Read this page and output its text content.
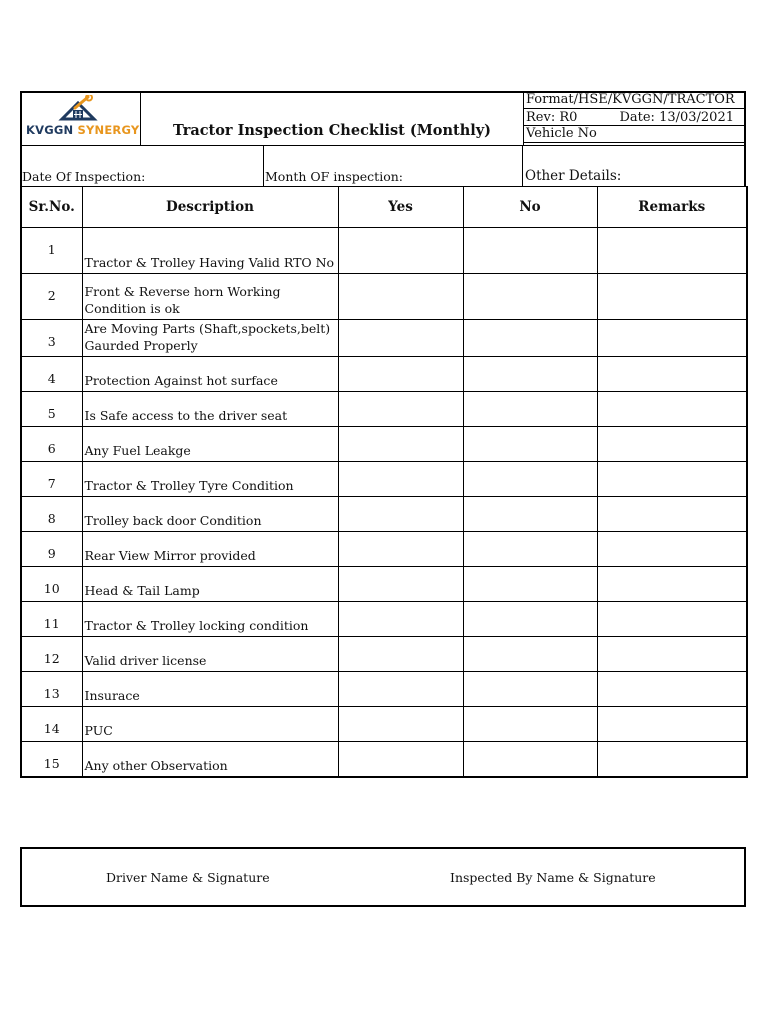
KVGGN SYNERGY	Tractor Inspection Checklist (Monthly)
Format/HSE/KVGGN/TRACTOR
Rev: R0	Date: 13/03/2021
Vehicle No
Date Of Inspection:	Month OF inspection:	Other Details:
Sr.No.	Description	Yes	No	Remarks
1	Tractor & Trolley Having Valid RTO No			
2	Front & Reverse horn Working Condition is ok			
3	Are Moving Parts (Shaft,spockets,belt) Gaurded Properly			
4	Protection Against hot surface			
5	Is Safe access to the driver seat			
6	Any Fuel Leakge			
7	Tractor & Trolley Tyre Condition			
8	Trolley back door Condition			
9	Rear View Mirror provided			
10	Head & Tail Lamp			
11	Tractor & Trolley locking condition			
12	Valid driver license			
13	Insurace			
14	PUC			
15	Any other Observation			
Driver Name & Signature	Inspected By Name & Signature
